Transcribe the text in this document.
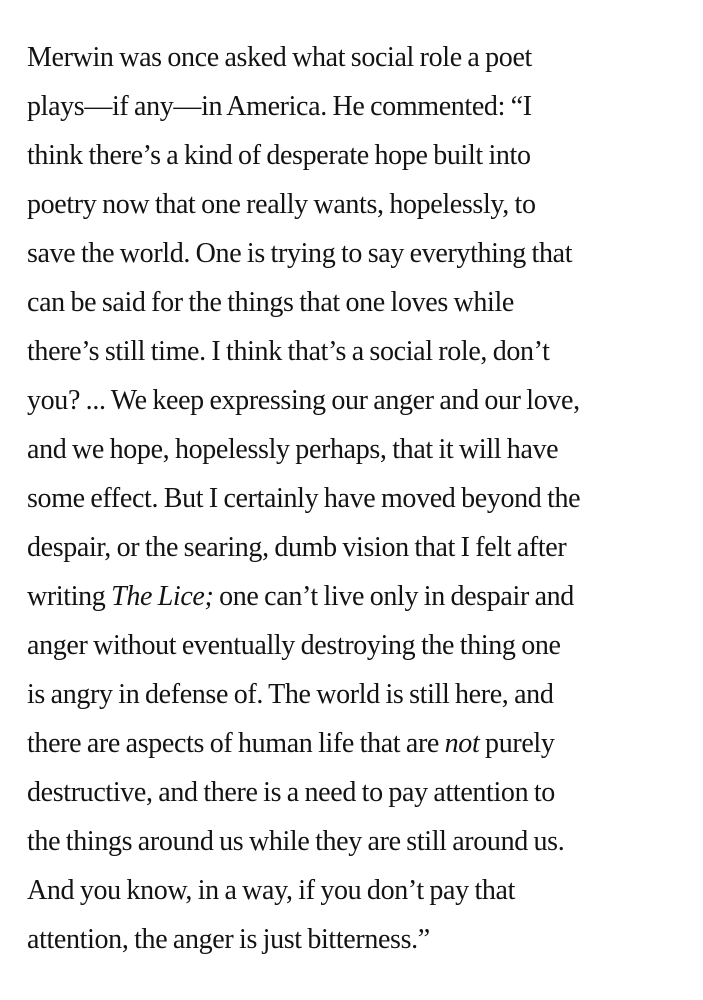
Merwin was once asked what social role a poet
plays—if any—in America. He commented: “I
think there’s a kind of desperate hope built into
poetry now that one really wants, hopelessly, to
save the world. One is trying to say everything that
can be said for the things that one loves while
there’s still time. I think that’s a social role, don’t
you? ... We keep expressing our anger and our love,
and we hope, hopelessly perhaps, that it will have
some effect. But I certainly have moved beyond the
despair, or the searing, dumb vision that I felt after
writing The Lice; one can’t live only in despair and
anger without eventually destroying the thing one
is angry in defense of. The world is still here, and
there are aspects of human life that are not purely
destructive, and there is a need to pay attention to
the things around us while they are still around us.
And you know, in a way, if you don’t pay that
attention, the anger is just bitterness.”
